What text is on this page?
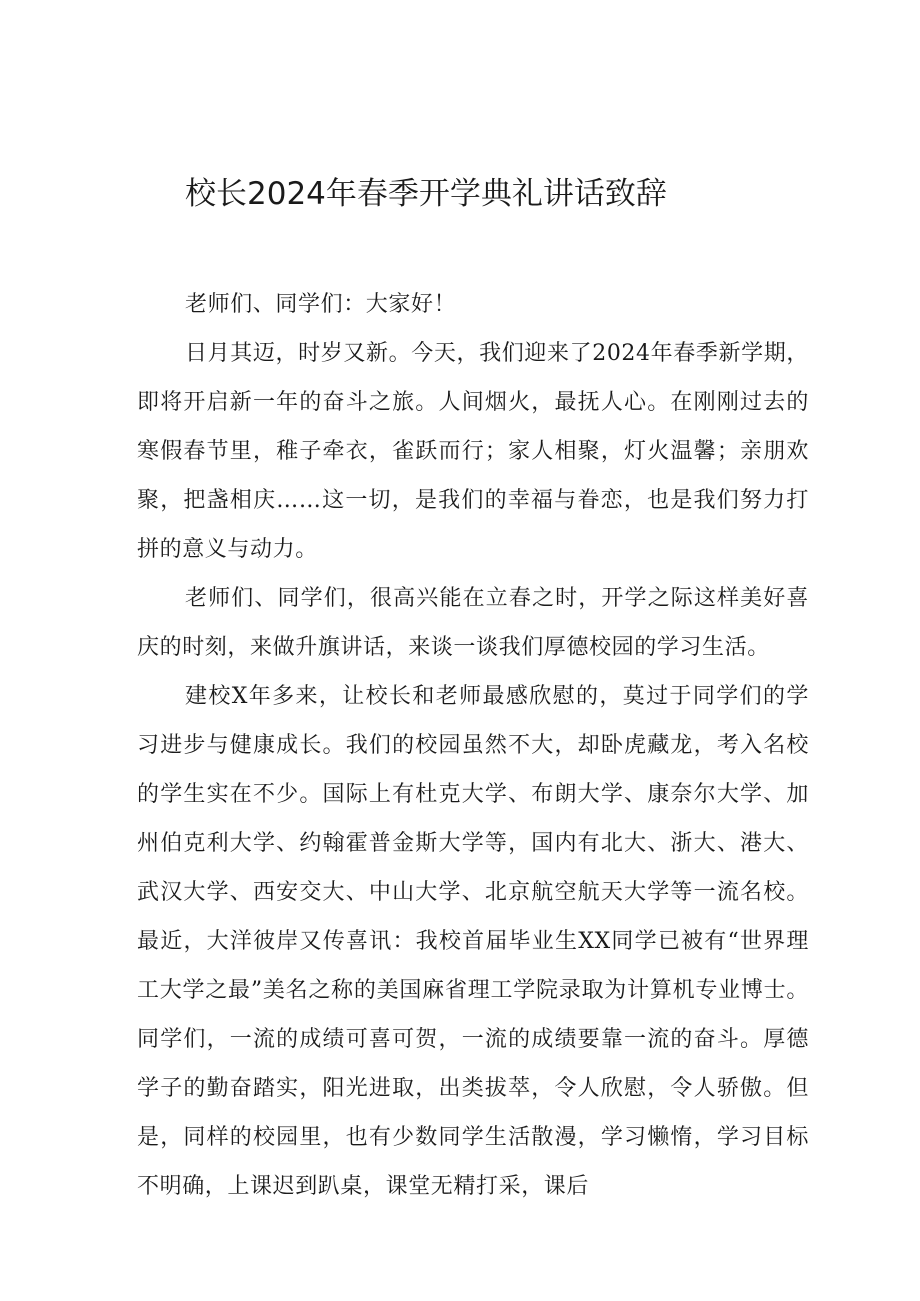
校长2024年春季开学典礼讲话致辞

老师们、同学们：大家好！

日月其迈，时岁又新。今天，我们迎来了2024年春季新学期，即将开启新一年的奋斗之旅。人间烟火，最抚人心。在刚刚过去的寒假春节里，稚子牵衣，雀跃而行；家人相聚，灯火温馨；亲朋欢聚，把盏相庆……这一切，是我们的幸福与眷恋，也是我们努力打拼的意义与动力。

老师们、同学们，很高兴能在立春之时，开学之际这样美好喜庆的时刻，来做升旗讲话，来谈一谈我们厚德校园的学习生活。

建校X年多来，让校长和老师最感欣慰的，莫过于同学们的学习进步与健康成长。我们的校园虽然不大，却卧虎藏龙，考入名校的学生实在不少。国际上有杜克大学、布朗大学、康奈尔大学、加州伯克利大学、约翰霍普金斯大学等，国内有北大、浙大、港大、武汉大学、西安交大、中山大学、北京航空航天大学等一流名校。最近，大洋彼岸又传喜讯：我校首届毕业生XX同学已被有“世界理工大学之最”美名之称的美国麻省理工学院录取为计算机专业博士。同学们，一流的成绩可喜可贺，一流的成绩要靠一流的奋斗。厚德学子的勤奋踏实，阳光进取，出类拔萃，令人欣慰，令人骄傲。但是，同样的校园里，也有少数同学生活散漫，学习懒惰，学习目标不明确，上课迟到趴桌，课堂无精打采，课后
